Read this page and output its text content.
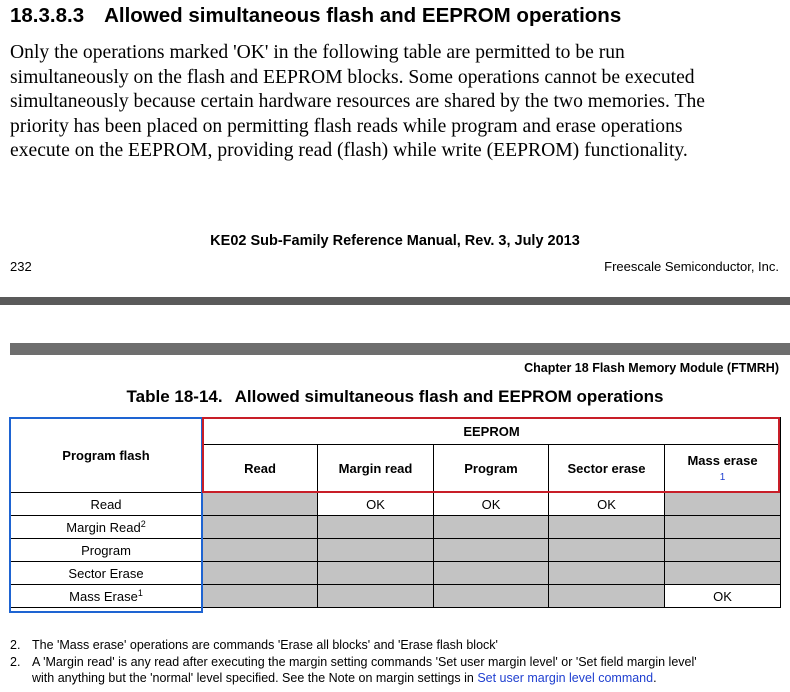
18.3.8.3 Allowed simultaneous flash and EEPROM operations
Only the operations marked 'OK' in the following table are permitted to be run
simultaneously on the flash and EEPROM blocks. Some operations cannot be executed
simultaneously because certain hardware resources are shared by the two memories. The
priority has been placed on permitting flash reads while program and erase operations
execute on the EEPROM, providing read (flash) while write (EEPROM) functionality.
KE02 Sub-Family Reference Manual, Rev. 3, July 2013
232	Freescale Semiconductor, Inc.
Chapter 18 Flash Memory Module (FTMRH)
Table 18-14. Allowed simultaneous flash and EEPROM operations
Program flash	EEPROM				
	Read	Margin read	Program	Sector erase	Mass erase
1

Read		OK	OK	OK	
Margin Read$^2$					
Program					
Sector Erase					
Mass Erase$^1$					OK
2. The 'Mass erase' operations are commands 'Erase all blocks' and 'Erase flash block'
2. A 'Margin read' is any read after executing the margin setting commands 'Set user margin level' or 'Set field margin level'
with anything but the 'normal' level specified. See the Note on margin settings in Set user margin level command.
